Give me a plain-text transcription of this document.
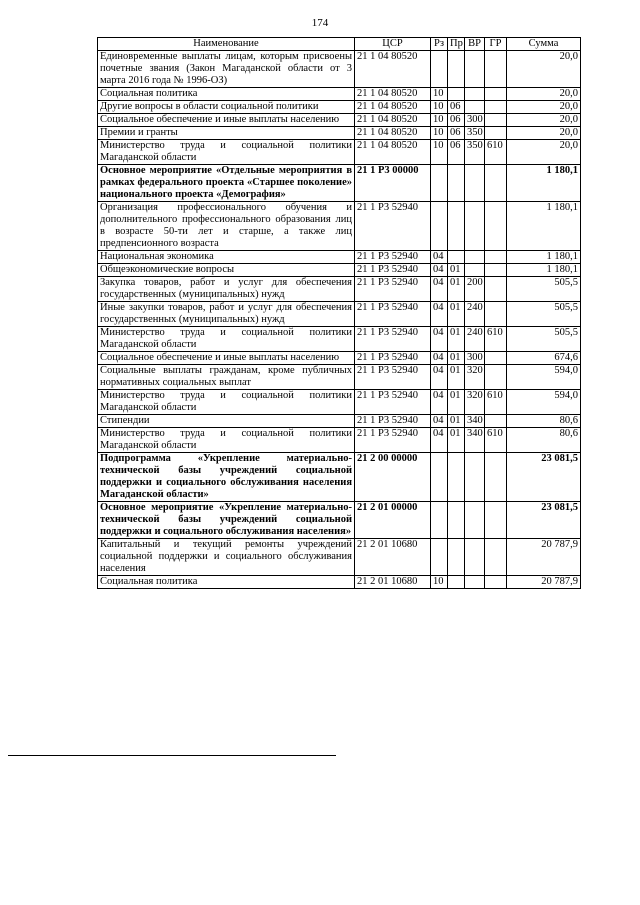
174
Наименование	ЦСР	Рз	Пр	ВР	ГР	Сумма
Единовременные выплаты лицам, которым присвоены почетные звания (Закон Магаданской области от 3 марта 2016 года № 1996-ОЗ)	21 1 04 80520					20,0
Социальная политика	21 1 04 80520	10				20,0
Другие вопросы в области социальной политики	21 1 04 80520	10	06			20,0
Социальное обеспечение и иные выплаты населению	21 1 04 80520	10	06	300		20,0
Премии и гранты	21 1 04 80520	10	06	350		20,0
Министерство труда и социальной политики Магаданской области	21 1 04 80520	10	06	350	610	20,0
Основное мероприятие «Отдельные мероприятия в рамках федерального проекта «Старшее поколение» национального проекта «Демография»	21 1 P3 00000					1 180,1
Организация профессионального обучения и дополнительного профессионального образования лиц в возрасте 50-ти лет и старше, а также лиц предпенсионного возраста	21 1 P3 52940					1 180,1
Национальная экономика	21 1 P3 52940	04				1 180,1
Общеэкономические вопросы	21 1 P3 52940	04	01			1 180,1
Закупка товаров, работ и услуг для обеспечения государственных (муниципальных) нужд	21 1 P3 52940	04	01	200		505,5
Иные закупки товаров, работ и услуг для обеспечения государственных (муниципальных) нужд	21 1 P3 52940	04	01	240		505,5
Министерство труда и социальной политики Магаданской области	21 1 P3 52940	04	01	240	610	505,5
Социальное обеспечение и иные выплаты населению	21 1 P3 52940	04	01	300		674,6
Социальные выплаты гражданам, кроме публичных нормативных социальных выплат	21 1 P3 52940	04	01	320		594,0
Министерство труда и социальной политики Магаданской области	21 1 P3 52940	04	01	320	610	594,0
Стипендии	21 1 P3 52940	04	01	340		80,6
Министерство труда и социальной политики Магаданской области	21 1 P3 52940	04	01	340	610	80,6
Подпрограмма «Укрепление материально-технической базы учреждений социальной поддержки и социального обслуживания населения Магаданской области»	21 2 00 00000					23 081,5
Основное мероприятие «Укрепление материально-технической базы учреждений социальной поддержки и социального обслуживания населения»	21 2 01 00000					23 081,5
Капитальный и текущий ремонты учреждений социальной поддержки и социального обслуживания населения	21 2 01 10680					20 787,9
Социальная политика	21 2 01 10680	10				20 787,9
